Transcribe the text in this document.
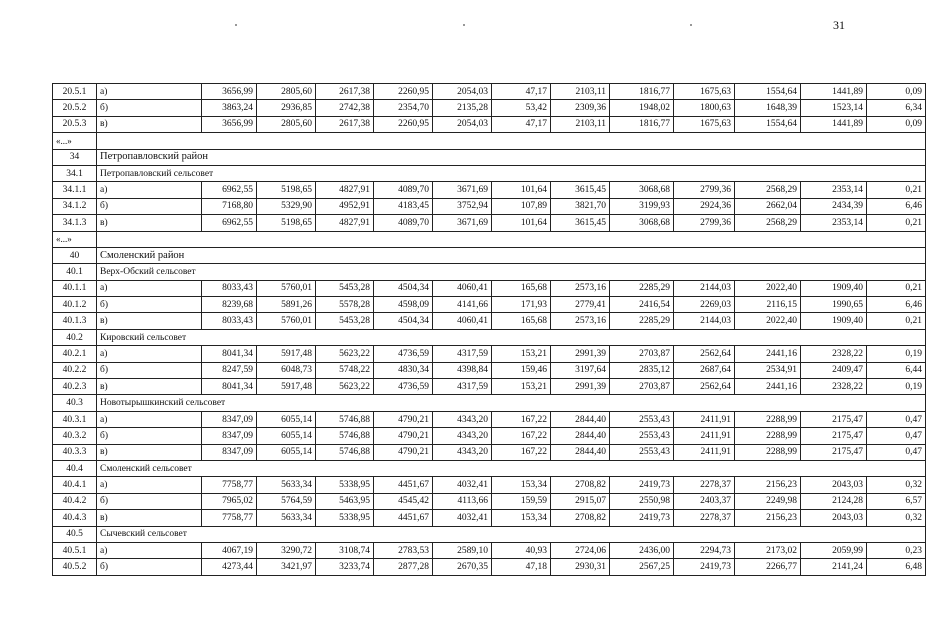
31
20.5.1	а)	3656,99	2805,60	2617,38	2260,95	2054,03	47,17	2103,11	1816,77	1675,63	1554,64	1441,89	0,09
20.5.2	б)	3863,24	2936,85	2742,38	2354,70	2135,28	53,42	2309,36	1948,02	1800,63	1648,39	1523,14	6,34
20.5.3	в)	3656,99	2805,60	2617,38	2260,95	2054,03	47,17	2103,11	1816,77	1675,63	1554,64	1441,89	0,09
«...»													
34	Петропавловский район												
34.1	Петропавловский сельсовет												
34.1.1	а)	6962,55	5198,65	4827,91	4089,70	3671,69	101,64	3615,45	3068,68	2799,36	2568,29	2353,14	0,21
34.1.2	б)	7168,80	5329,90	4952,91	4183,45	3752,94	107,89	3821,70	3199,93	2924,36	2662,04	2434,39	6,46
34.1.3	в)	6962,55	5198,65	4827,91	4089,70	3671,69	101,64	3615,45	3068,68	2799,36	2568,29	2353,14	0,21
«...»													
40	Смоленский район												
40.1	Верх-Обский сельсовет												
40.1.1	а)	8033,43	5760,01	5453,28	4504,34	4060,41	165,68	2573,16	2285,29	2144,03	2022,40	1909,40	0,21
40.1.2	б)	8239,68	5891,26	5578,28	4598,09	4141,66	171,93	2779,41	2416,54	2269,03	2116,15	1990,65	6,46
40.1.3	в)	8033,43	5760,01	5453,28	4504,34	4060,41	165,68	2573,16	2285,29	2144,03	2022,40	1909,40	0,21
40.2	Кировский сельсовет												
40.2.1	а)	8041,34	5917,48	5623,22	4736,59	4317,59	153,21	2991,39	2703,87	2562,64	2441,16	2328,22	0,19
40.2.2	б)	8247,59	6048,73	5748,22	4830,34	4398,84	159,46	3197,64	2835,12	2687,64	2534,91	2409,47	6,44
40.2.3	в)	8041,34	5917,48	5623,22	4736,59	4317,59	153,21	2991,39	2703,87	2562,64	2441,16	2328,22	0,19
40.3	Новотырышкинский сельсовет												
40.3.1	а)	8347,09	6055,14	5746,88	4790,21	4343,20	167,22	2844,40	2553,43	2411,91	2288,99	2175,47	0,47
40.3.2	б)	8347,09	6055,14	5746,88	4790,21	4343,20	167,22	2844,40	2553,43	2411,91	2288,99	2175,47	0,47
40.3.3	в)	8347,09	6055,14	5746,88	4790,21	4343,20	167,22	2844,40	2553,43	2411,91	2288,99	2175,47	0,47
40.4	Смоленский сельсовет												
40.4.1	а)	7758,77	5633,34	5338,95	4451,67	4032,41	153,34	2708,82	2419,73	2278,37	2156,23	2043,03	0,32
40.4.2	б)	7965,02	5764,59	5463,95	4545,42	4113,66	159,59	2915,07	2550,98	2403,37	2249,98	2124,28	6,57
40.4.3	в)	7758,77	5633,34	5338,95	4451,67	4032,41	153,34	2708,82	2419,73	2278,37	2156,23	2043,03	0,32
40.5	Сычевский сельсовет												
40.5.1	а)	4067,19	3290,72	3108,74	2783,53	2589,10	40,93	2724,06	2436,00	2294,73	2173,02	2059,99	0,23
40.5.2	б)	4273,44	3421,97	3233,74	2877,28	2670,35	47,18	2930,31	2567,25	2419,73	2266,77	2141,24	6,48
